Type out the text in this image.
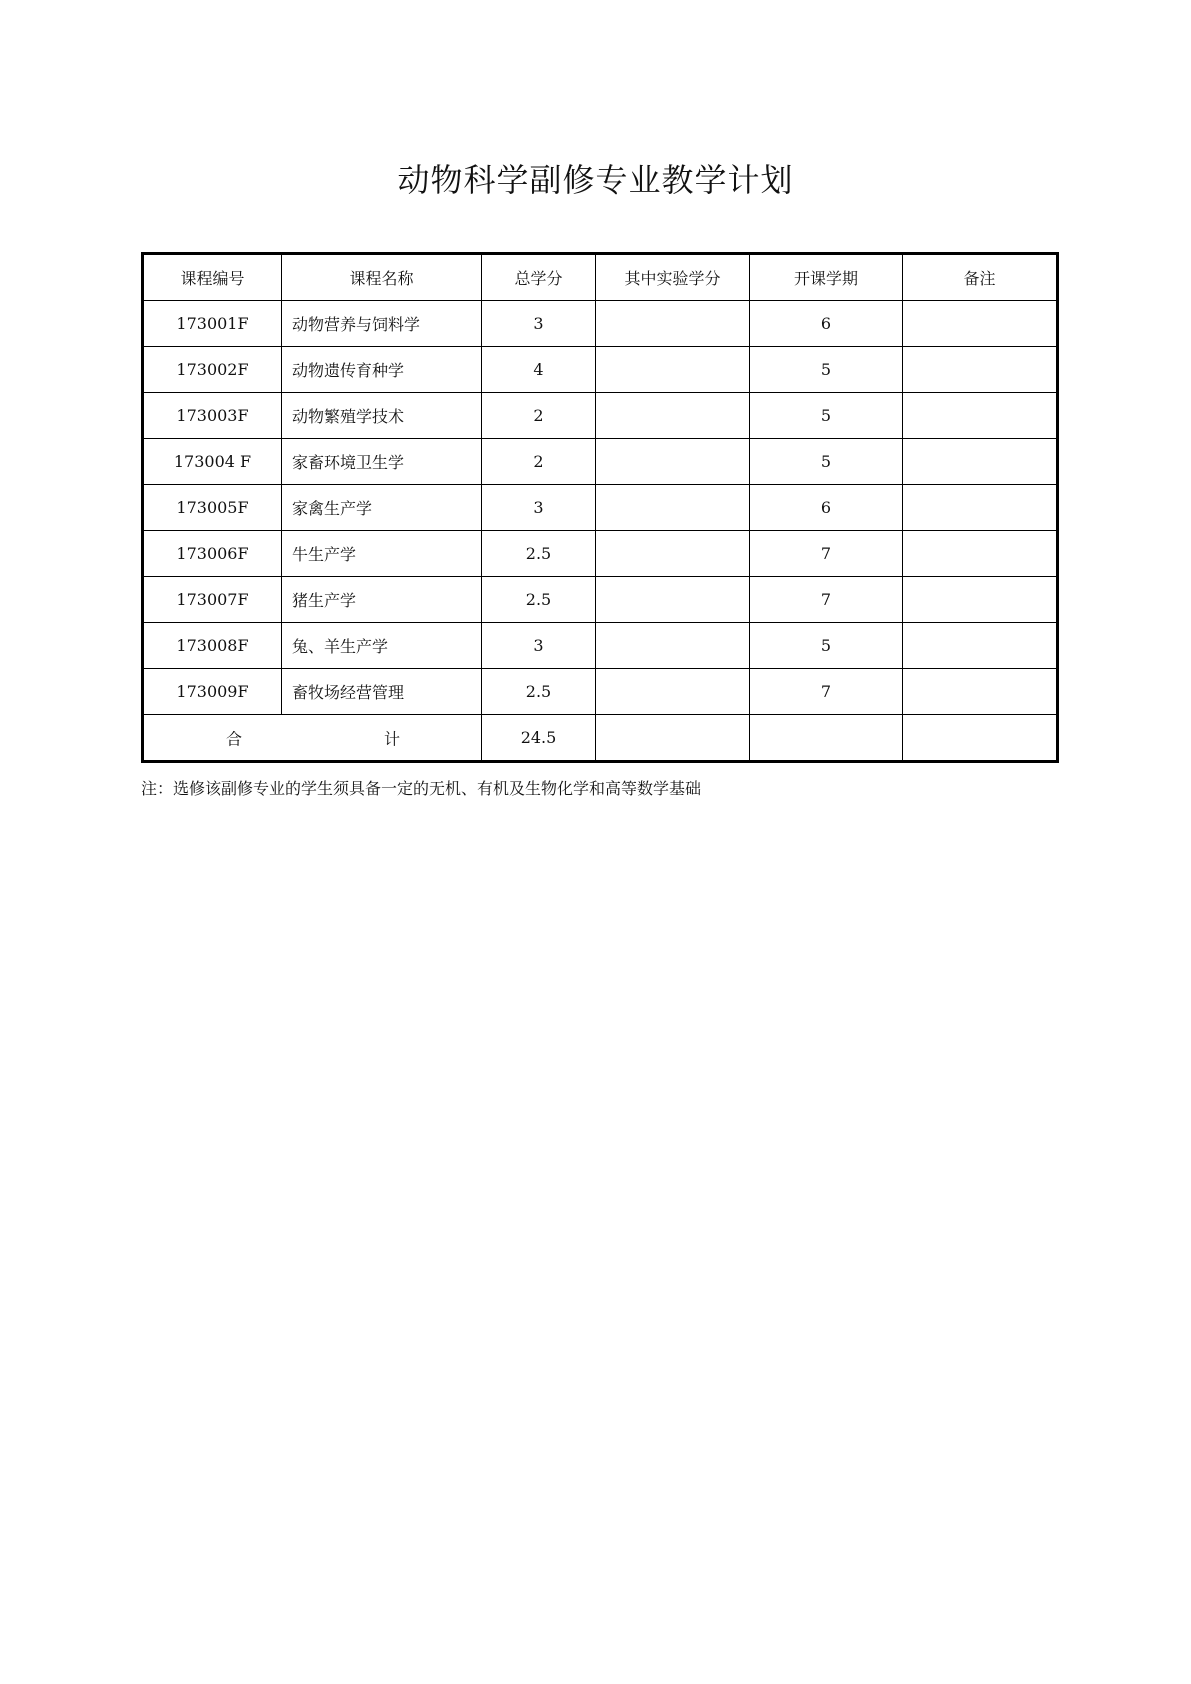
动物科学副修专业教学计划
课程编号	课程名称	总学分	其中实验学分	开课学期	备注
173001F	动物营养与饲料学	3		6	
173002F	动物遗传育种学	4		5	
173003F	动物繁殖学技术	2		5	
173004 F	家畜环境卫生学	2		5	
173005F	家禽生产学	3		6	
173006F	牛生产学	2.5		7	
173007F	猪生产学	2.5		7	
173008F	兔、羊生产学	3		5	
173009F	畜牧场经营管理	2.5		7	

合 计		24.5			

注：选修该副修专业的学生须具备一定的无机、有机及生物化学和高等数学基础
